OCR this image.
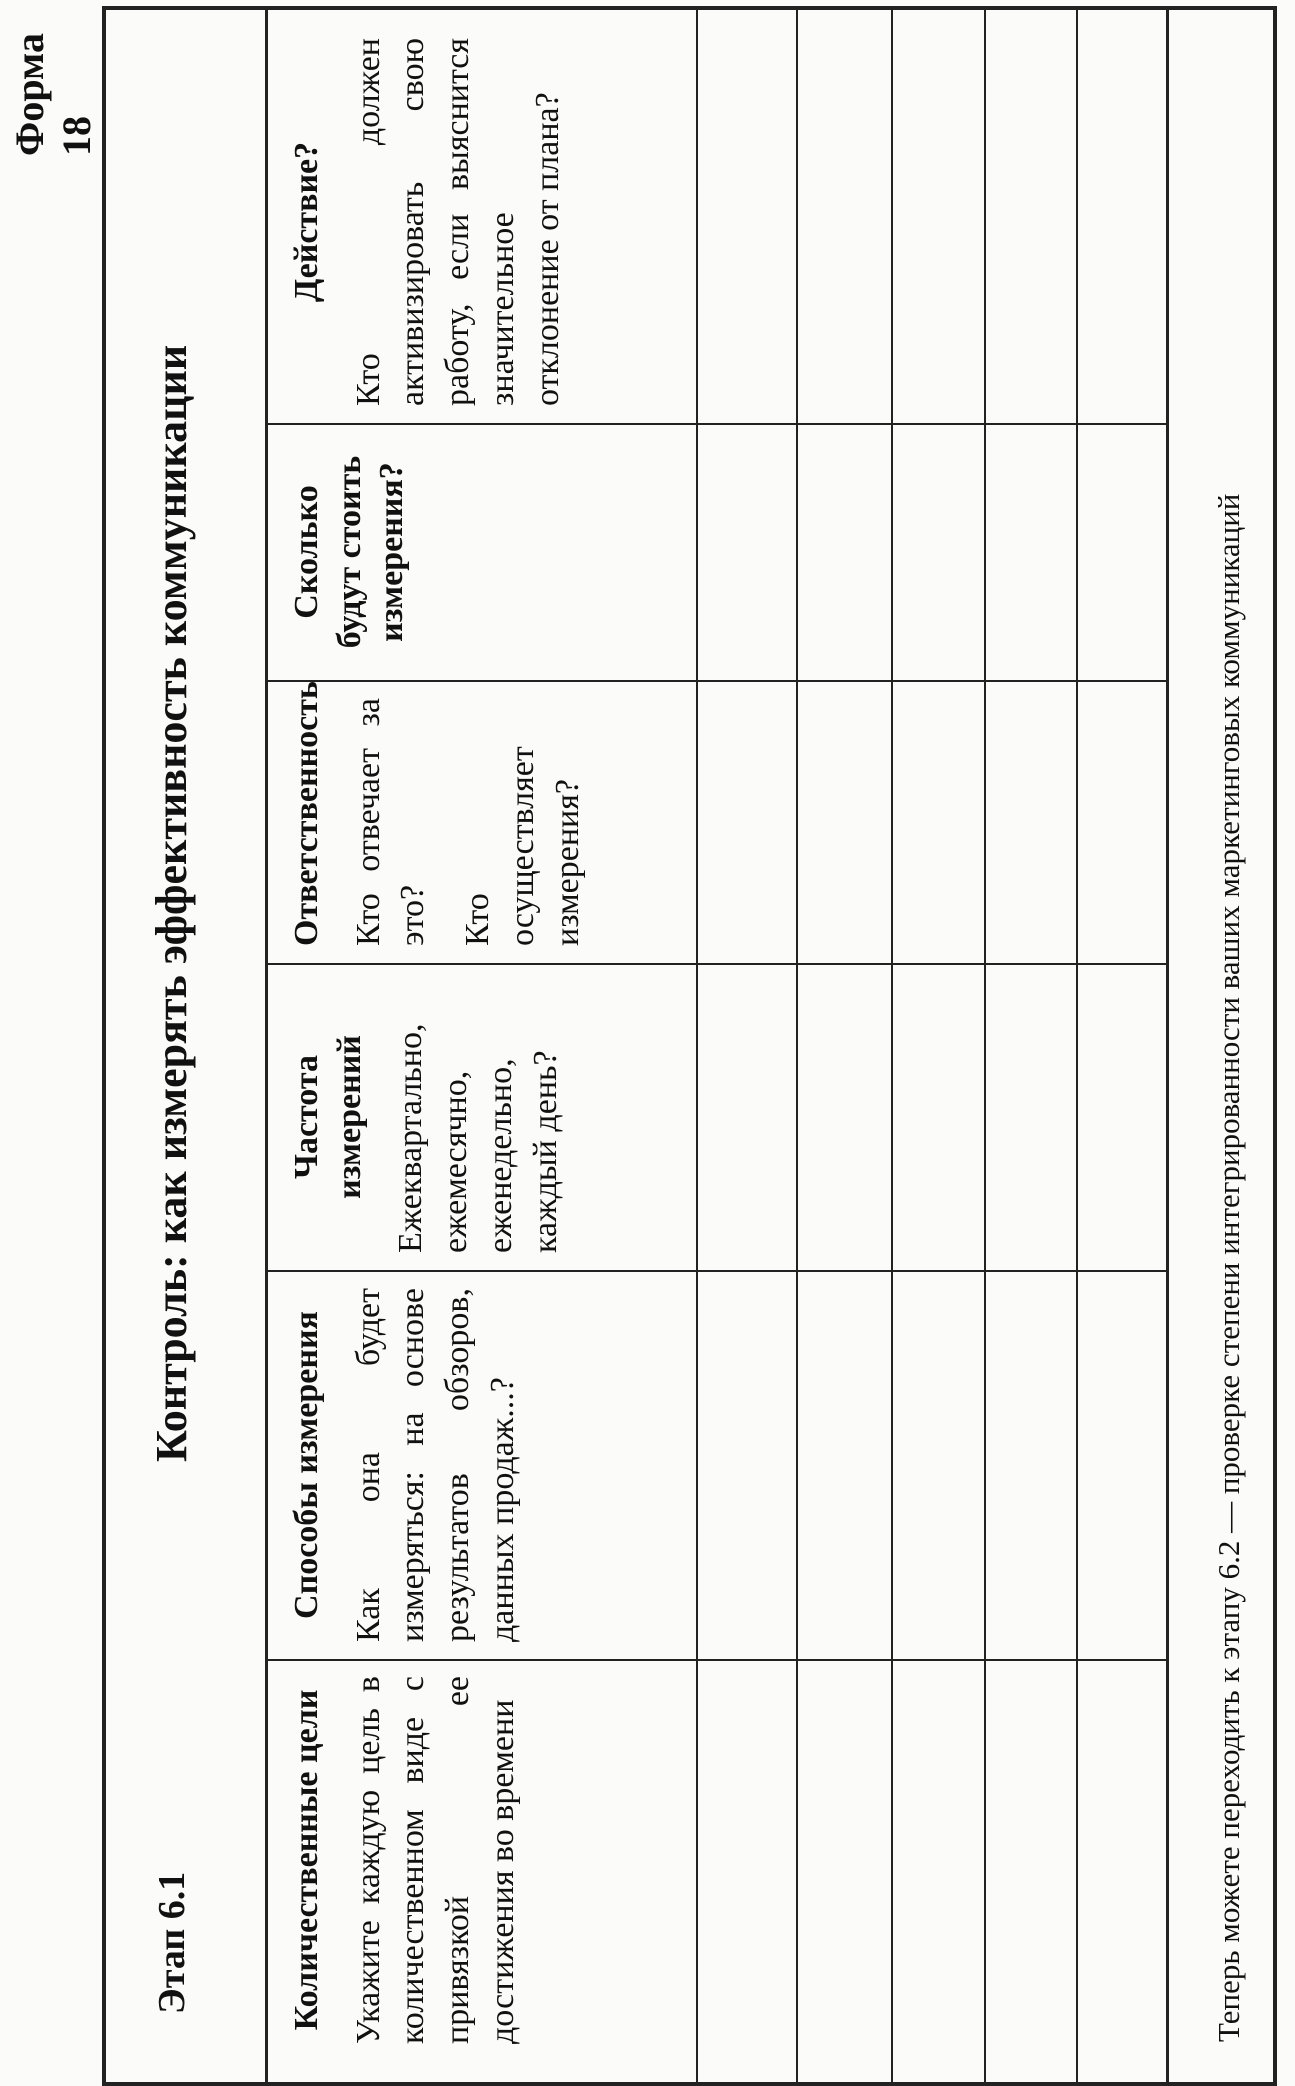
Форма 18
Этап 6.1
Контроль: как измерять эффективность коммуникации
Количественные цели Укажите каждую цель в количественном виде с привязкой ее достижения во времени

Способы измерения Как она будет измеряться: на основе результатов обзоров, данных продаж...?

Частота измерений Ежеквартально, ежемесячно, еженедельно, каждый день?

Ответственность Кто отвечает за это? Кто осуществляет измерения?

Сколько будут стоить измерения?
Действие? Кто должен активизировать свою работу, если выяснится значительное отклонение от плана?

Теперь можете переходить к этапу 6.2 — проверке степени интегрированности ваших маркетинговых коммуникаций
